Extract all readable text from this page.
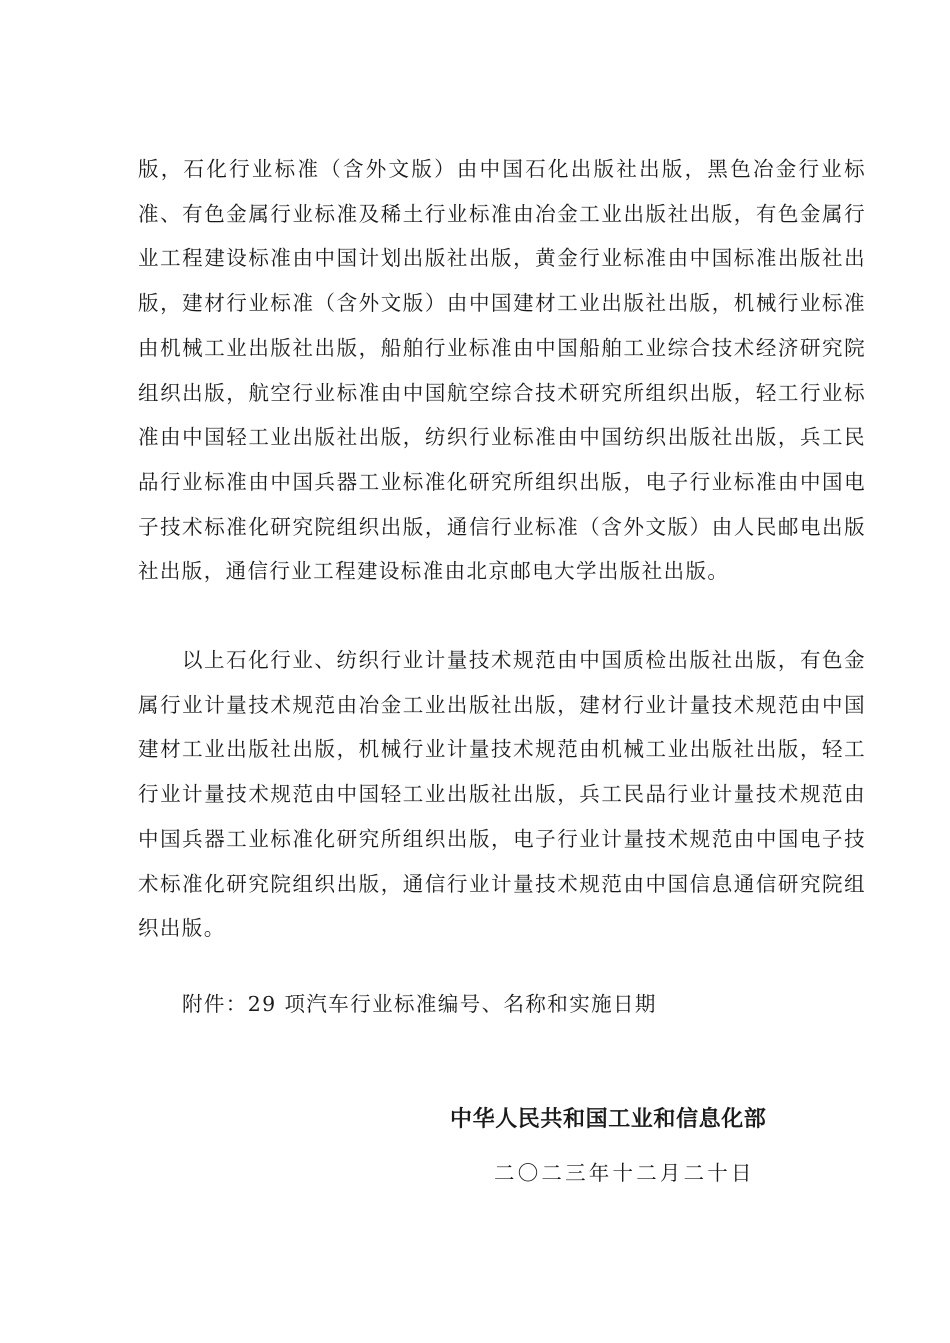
版，石化行业标准（含外文版）由中国石化出版社出版，黑色冶金行业标准、有色金属行业标准及稀土行业标准由冶金工业出版社出版，有色金属行业工程建设标准由中国计划出版社出版，黄金行业标准由中国标准出版社出版，建材行业标准（含外文版）由中国建材工业出版社出版，机械行业标准由机械工业出版社出版，船舶行业标准由中国船舶工业综合技术经济研究院组织出版，航空行业标准由中国航空综合技术研究所组织出版，轻工行业标准由中国轻工业出版社出版，纺织行业标准由中国纺织出版社出版，兵工民品行业标准由中国兵器工业标准化研究所组织出版，电子行业标准由中国电子技术标准化研究院组织出版，通信行业标准（含外文版）由人民邮电出版社出版，通信行业工程建设标准由北京邮电大学出版社出版。

以上石化行业、纺织行业计量技术规范由中国质检出版社出版，有色金属行业计量技术规范由冶金工业出版社出版，建材行业计量技术规范由中国建材工业出版社出版，机械行业计量技术规范由机械工业出版社出版，轻工行业计量技术规范由中国轻工业出版社出版，兵工民品行业计量技术规范由中国兵器工业标准化研究所组织出版，电子行业计量技术规范由中国电子技术标准化研究院组织出版，通信行业计量技术规范由中国信息通信研究院组织出版。

附件：29 项汽车行业标准编号、名称和实施日期

中华人民共和国工业和信息化部

二〇二三年十二月二十日
